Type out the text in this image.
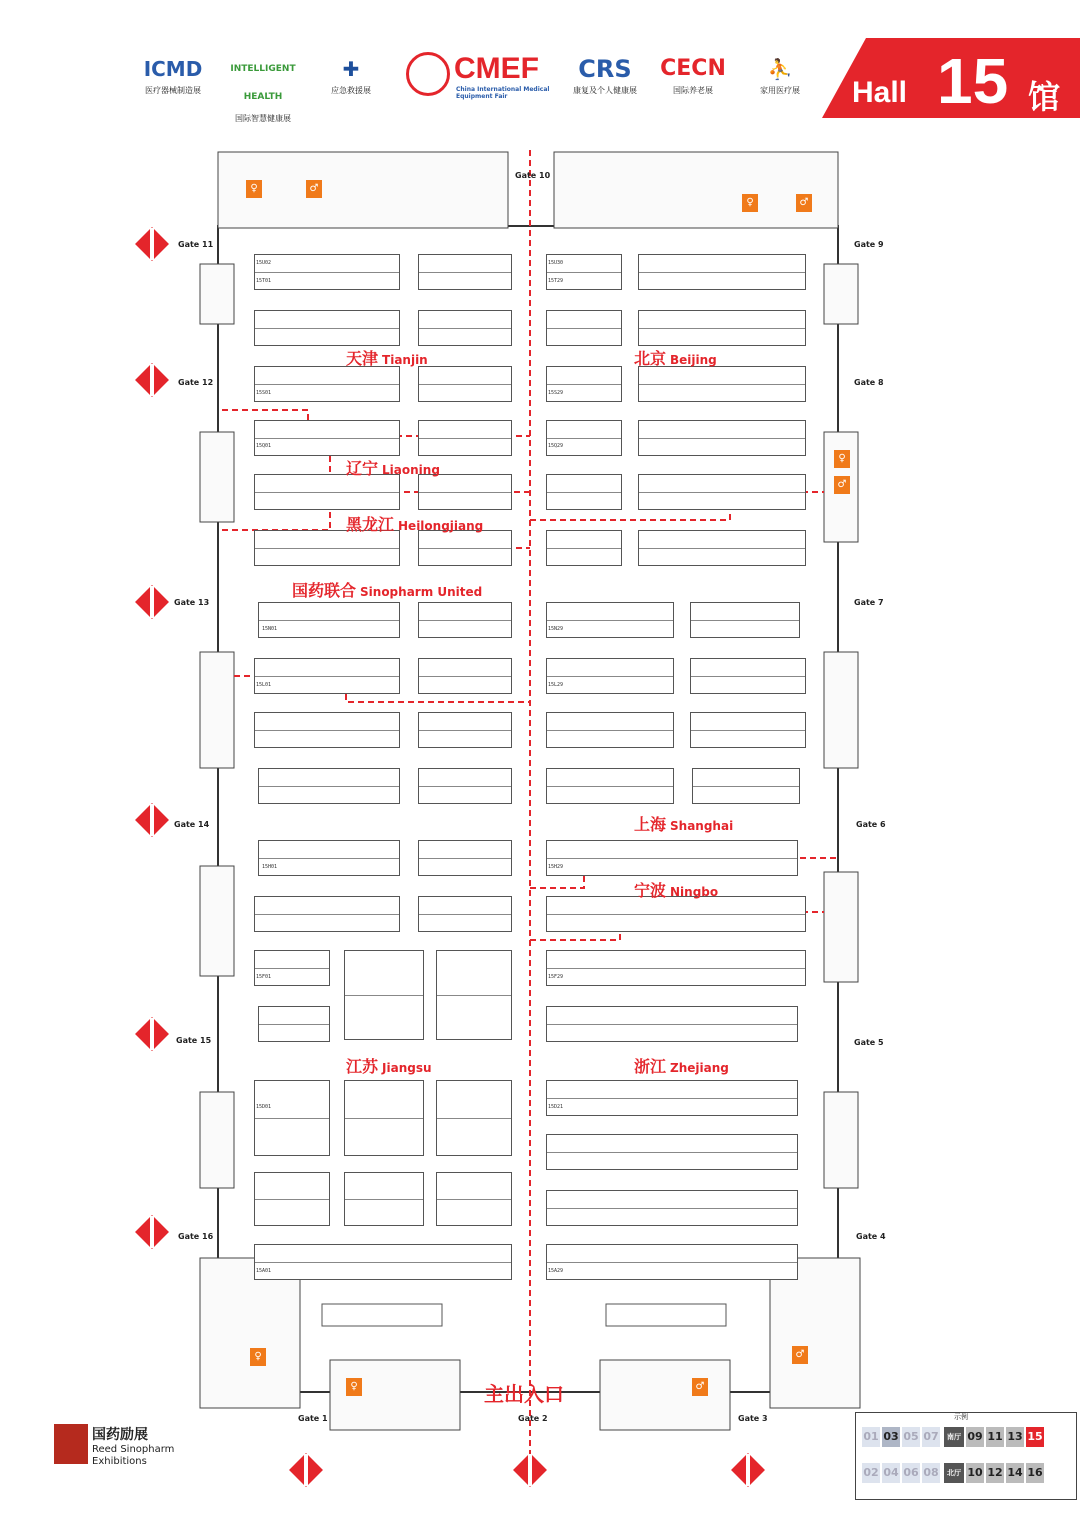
ICMD
医疗器械制造展
INTELLIGENT HEALTH
国际智慧健康展
✚
应急救援展
CMEF
China International Medical Equipment Fair
CRS
康复及个人健康展
CECN
国际养老展
⛹
家用医疗展	Hall 15 馆
15U02	15U30
15T01	15T29
15S01	15S29
15Q01	15Q29
15N01	15N29
15L01	15L29
15H01	15H29
15F01	15F29
15D01	15D21
15A01	15A29
天津 Tianjin	北京 Beijing
辽宁 Liaoning
黑龙江 Heilongjiang
国药联合 Sinopharm United
上海 Shanghai
宁波 Ningbo
江苏 Jiangsu	浙江 Zhejiang
Gate 11
Gate 12
Gate 13
Gate 14
Gate 15
Gate 16
Gate 9
Gate 8
Gate 7
Gate 6
Gate 5
Gate 4
Gate 10
Gate 1	Gate 2	Gate 3
♀	♂
♀	♂
♀
♂
♀	♂
♀	♂
主出入口
国药励展
Reed Sinopharm
Exhibitions
示例
01 03 05 07	南厅 09 11 13 15
02 04 06 08	北厅 10 12 14 16
